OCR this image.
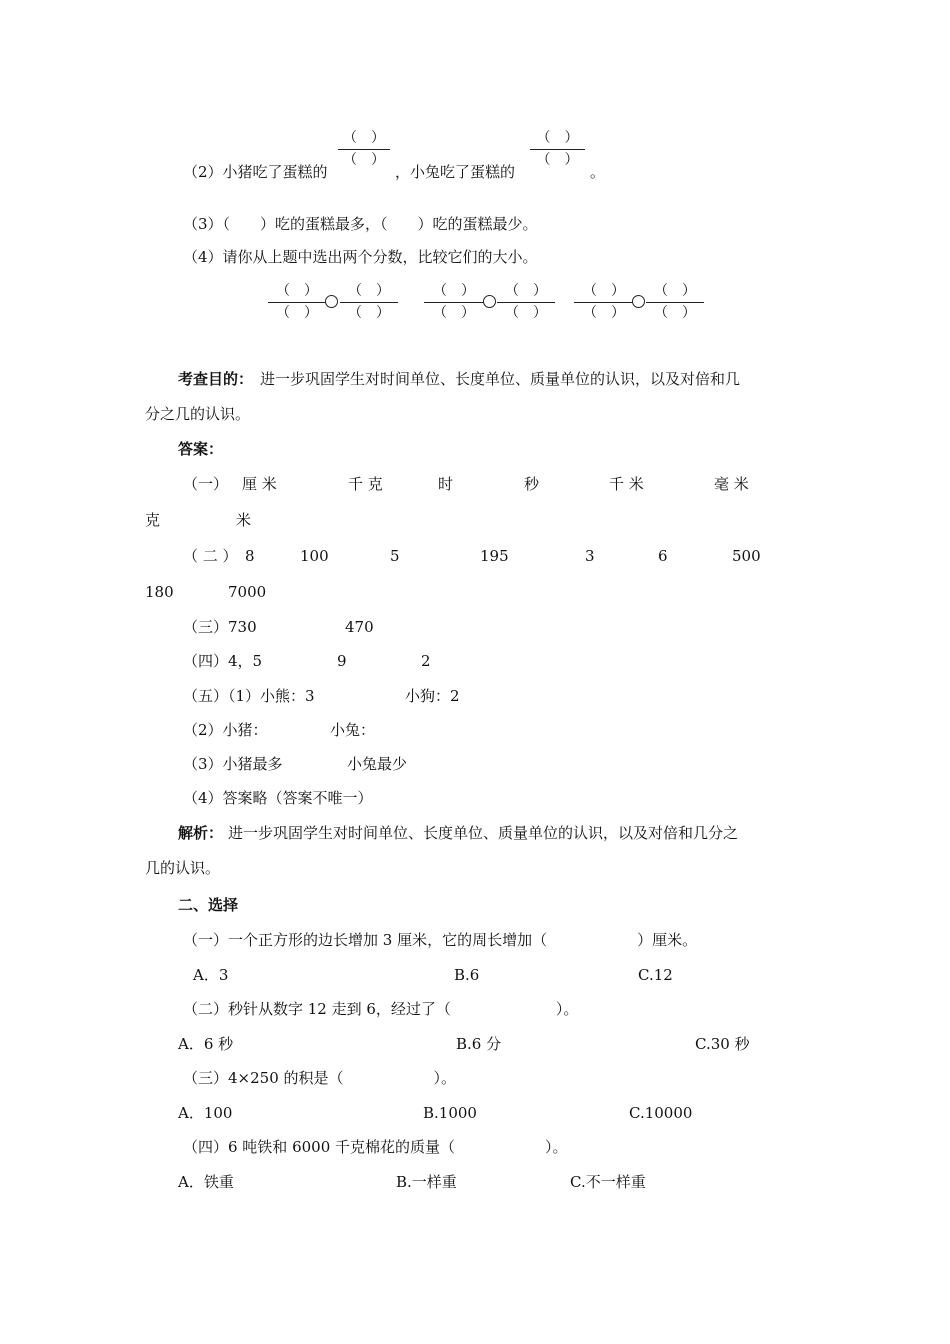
（　）
（　）
（2）小猪吃了蛋糕的	，小兔吃了蛋糕的
（　）
（　）
。
（3）（　　）吃的蛋糕最多，（　　）吃的蛋糕最少。
（4）请你从上题中选出两个分数，比较它们的大小。
（　）
（　）
（　）
（　）
（　）
（　）
（　）
（　）
（　）
（　）
（　）
（　）
考查目的： 进一步巩固学生对时间单位、长度单位、质量单位的认识，以及对倍和几
分之几的认识。
答案：
（一） 厘 米	千 克	时	秒	千 米	毫 米
克	米
（ 二 ） 8	100	5	195	3	6	500
180	7000
（三）730	470
（四）4，5	9	2
（五）（1）小熊：3	小狗：2
（2）小猪：	小兔：
（3）小猪最多	小兔最少
（4）答案略（答案不唯一）
解析： 进一步巩固学生对时间单位、长度单位、质量单位的认识，以及对倍和几分之
几的认识。
二、选择
（一）一个正方形的边长增加 3 厘米，它的周长增加（　　　　　　）厘米。
A．3	B.6	C.12
（二）秒针从数字 12 走到 6，经过了（　　　　　　　）。
A．6 秒	B.6 分	C.30 秒
（三）4×250 的积是（　　　　　　）。
A．100	B.1000	C.10000
（四）6 吨铁和 6000 千克棉花的质量（　　　　　　）。
A．铁重	B.一样重	C.不一样重
